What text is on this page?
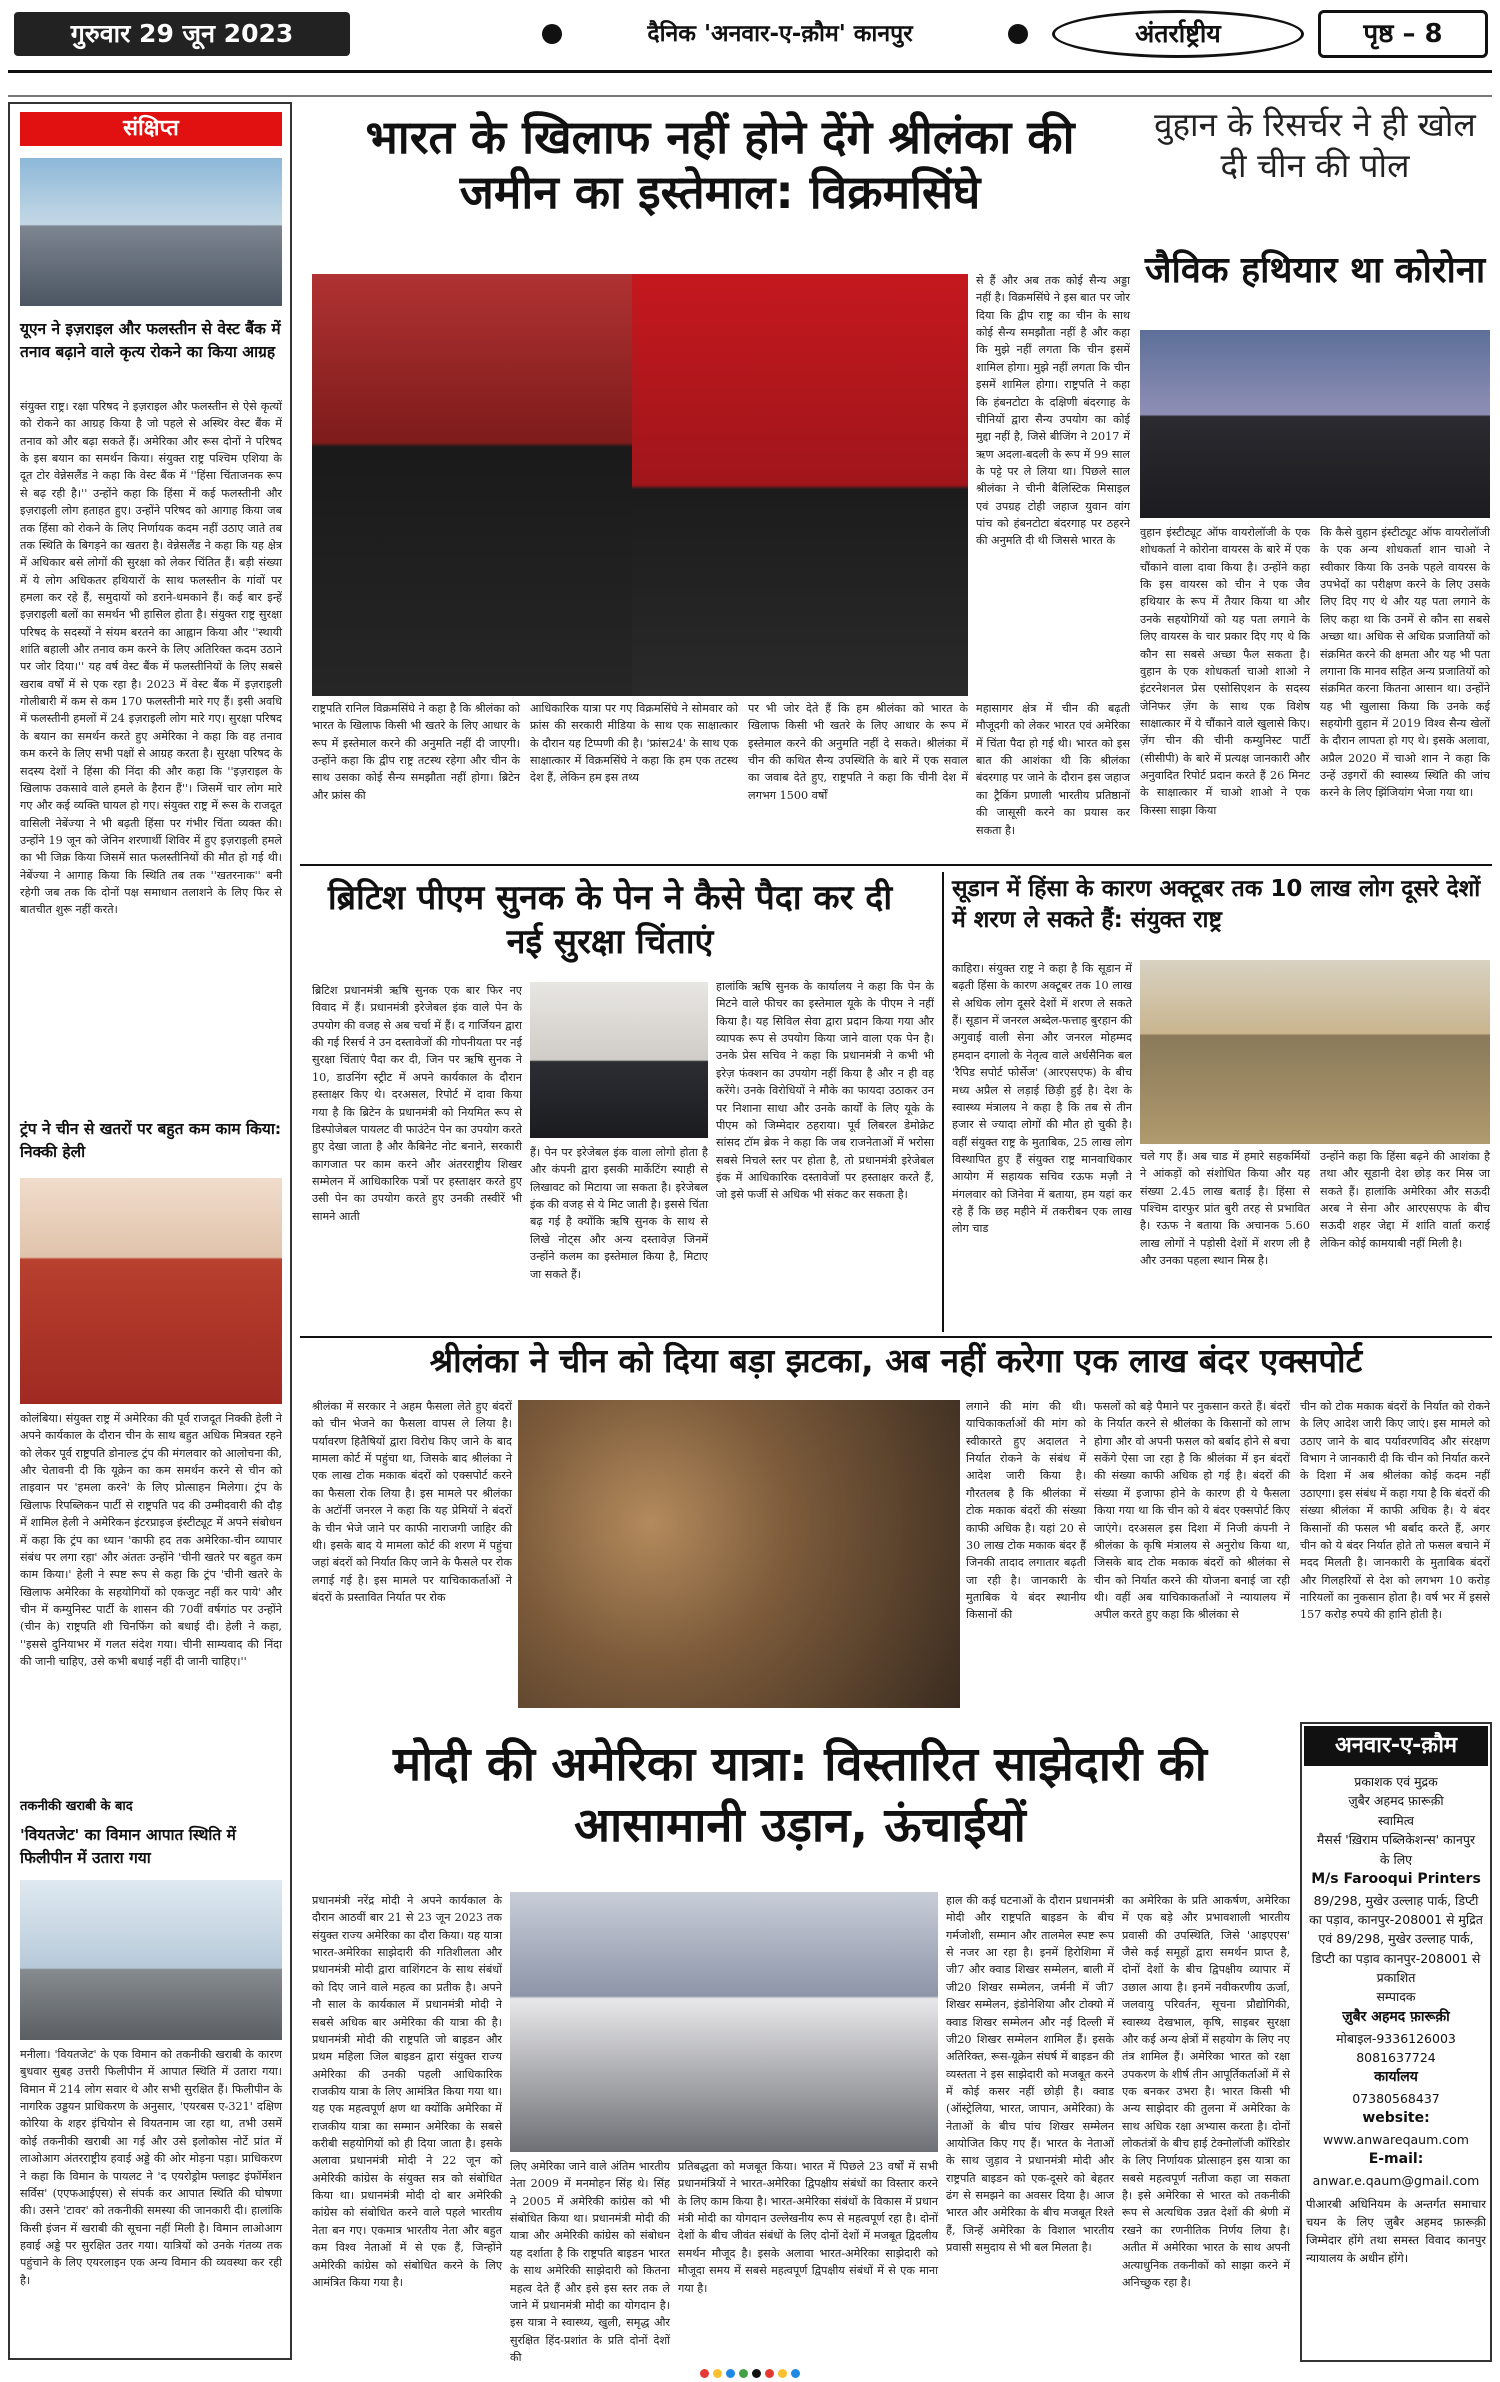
गुरुवार 29 जून 2023	दैनिक 'अनवार-ए-क़ौम' कानपुर	अंतर्राष्ट्रीय	पृष्ठ – 8
संक्षिप्त
यूएन ने इज़राइल और फलस्तीन से वेस्ट बैंक में तनाव बढ़ाने वाले कृत्य रोकने का किया आग्रह
संयुक्त राष्ट्र। रक्षा परिषद ने इज़राइल और फलस्तीन से ऐसे कृत्यों को रोकने का आग्रह किया है जो पहले से अस्थिर वेस्ट बैंक में तनाव को और बढ़ा सकते हैं। अमेरिका और रूस दोनों ने परिषद के इस बयान का समर्थन किया। संयुक्त राष्ट्र पश्चिम एशिया के दूत टोर वेन्नेसलैंड ने कहा कि वेस्ट बैंक में ''हिंसा चिंताजनक रूप से बढ़ रही है।'' उन्होंने कहा कि हिंसा में कई फलस्तीनी और इज़राइली लोग हताहत हुए। उन्होंने परिषद को आगाह किया जब तक हिंसा को रोकने के लिए निर्णायक कदम नहीं उठाए जाते तब तक स्थिति के बिगड़ने का खतरा है। वेन्नेसलैंड ने कहा कि यह क्षेत्र में अधिकार बसे लोगों की सुरक्षा को लेकर चिंतित हैं। बड़ी संख्या में ये लोग अधिकतर हथियारों के साथ फलस्तीन के गांवों पर हमला कर रहे हैं, समुदायों को डराने-धमकाने हैं। कई बार इन्हें इज़राइली बलों का समर्थन भी हासिल होता है। संयुक्त राष्ट्र सुरक्षा परिषद के सदस्यों ने संयम बरतने का आह्वान किया और ''स्थायी शांति बहाली और तनाव कम करने के लिए अतिरिक्त कदम उठाने पर जोर दिया।'' यह वर्ष वेस्ट बैंक में फलस्तीनियों के लिए सबसे खराब वर्षों में से एक रहा है। 2023 में वेस्ट बैंक में इज़राइली गोलीबारी में कम से कम 170 फलस्तीनी मारे गए हैं। इसी अवधि में फलस्तीनी हमलों में 24 इज़राइली लोग मारे गए। सुरक्षा परिषद के बयान का समर्थन करते हुए अमेरिका ने कहा कि वह तनाव कम करने के लिए सभी पक्षों से आग्रह करता है। सुरक्षा परिषद के सदस्य देशों ने हिंसा की निंदा की और कहा कि ''इज़राइल के खिलाफ उकसावे वाले हमले के हैरान हैं''। जिसमें चार लोग मारे गए और कई व्यक्ति घायल हो गए। संयुक्त राष्ट्र में रूस के राजदूत वासिली नेबेंज्या ने भी बढ़ती हिंसा पर गंभीर चिंता व्यक्त की। उन्होंने 19 जून को जेनिन शरणार्थी शिविर में हुए इज़राइली हमले का भी जिक्र किया जिसमें सात फलस्तीनियों की मौत हो गई थी। नेबेंज्या ने आगाह किया कि स्थिति तब तक ''खतरनाक'' बनी रहेगी जब तक कि दोनों पक्ष समाधान तलाशने के लिए फिर से बातचीत शुरू नहीं करते।
ट्रंप ने चीन से खतरों पर बहुत कम काम किया: निक्की हेली
कोलंबिया। संयुक्त राष्ट्र में अमेरिका की पूर्व राजदूत निक्की हेली ने अपने कार्यकाल के दौरान चीन के साथ बहुत अधिक मित्रवत रहने को लेकर पूर्व राष्ट्रपति डोनाल्ड ट्रंप की मंगलवार को आलोचना की, और चेतावनी दी कि यूक्रेन का कम समर्थन करने से चीन को ताइवान पर 'हमला करने' के लिए प्रोत्साहन मिलेगा। ट्रंप के खिलाफ रिपब्लिकन पार्टी से राष्ट्रपति पद की उम्मीदवारी की दौड़ में शामिल हेली ने अमेरिकन इंटरप्राइज इंस्टीट्यूट में अपने संबोधन में कहा कि ट्रंप का ध्यान 'काफी हद तक अमेरिका-चीन व्यापार संबंध पर लगा रहा' और अंततः उन्होंने 'चीनी खतरे पर बहुत कम काम किया।' हेली ने स्पष्ट रूप से कहा कि ट्रंप 'चीनी खतरे के खिलाफ अमेरिका के सहयोगियों को एकजुट नहीं कर पाये' और चीन में कम्युनिस्ट पार्टी के शासन की 70वीं वर्षगांठ पर उन्होंने (चीन के) राष्ट्रपति शी चिनफिंग को बधाई दी। हेली ने कहा, ''इससे दुनियाभर में गलत संदेश गया। चीनी साम्यवाद की निंदा की जानी चाहिए, उसे कभी बधाई नहीं दी जानी चाहिए।''
तकनीकी खराबी के बाद
'वियतजेट' का विमान आपात स्थिति में फिलीपीन में उतारा गया
मनीला। 'वियतजेट' के एक विमान को तकनीकी खराबी के कारण बुधवार सुबह उत्तरी फिलीपीन में आपात स्थिति में उतारा गया। विमान में 214 लोग सवार थे और सभी सुरक्षित हैं। फिलीपीन के नागरिक उड्डयन प्राधिकरण के अनुसार, 'एयरबस ए-321' दक्षिण कोरिया के शहर इंचियोन से वियतनाम जा रहा था, तभी उसमें कोई तकनीकी खराबी आ गई और उसे इलोकोस नोर्टे प्रांत में लाओआग अंतरराष्ट्रीय हवाई अड्डे की ओर मोड़ना पड़ा। प्राधिकरण ने कहा कि विमान के पायलट ने 'द एयरोड्रोम फ्लाइट इंफॉर्मेशन सर्विस' (एएफआईएस) से संपर्क कर आपात स्थिति की घोषणा की। उसने 'टावर' को तकनीकी समस्या की जानकारी दी। हालांकि किसी इंजन में खराबी की सूचना नहीं मिली है। विमान लाओआग हवाई अड्डे पर सुरक्षित उतर गया। यात्रियों को उनके गंतव्य तक पहुंचाने के लिए एयरलाइन एक अन्य विमान की व्यवस्था कर रही है।
भारत के खिलाफ नहीं होने देंगे श्रीलंका की जमीन का इस्तेमाल: विक्रमसिंघे
राष्ट्रपति रानिल विक्रमसिंघे ने कहा है कि श्रीलंका को भारत के खिलाफ किसी भी खतरे के लिए आधार के रूप में इस्तेमाल करने की अनुमति नहीं दी जाएगी। उन्होंने कहा कि द्वीप राष्ट्र तटस्थ रहेगा और चीन के साथ उसका कोई सैन्य समझौता नहीं होगा। ब्रिटेन और फ्रांस की
आधिकारिक यात्रा पर गए विक्रमसिंघे ने सोमवार को फ्रांस की सरकारी मीडिया के साथ एक साक्षात्कार के दौरान यह टिप्पणी की है। 'फ्रांस24' के साथ एक साक्षात्कार में विक्रमसिंघे ने कहा कि हम एक तटस्थ देश हैं, लेकिन हम इस तथ्य
पर भी जोर देते हैं कि हम श्रीलंका को भारत के खिलाफ किसी भी खतरे के लिए आधार के रूप में इस्तेमाल करने की अनुमति नहीं दे सकते। श्रीलंका में चीन की कथित सैन्य उपस्थिति के बारे में एक सवाल का जवाब देते हुए, राष्ट्रपति ने कहा कि चीनी देश में लगभग 1500 वर्षों
से हैं और अब तक कोई सैन्य अड्डा नहीं है। विक्रमसिंघे ने इस बात पर जोर दिया कि द्वीप राष्ट्र का चीन के साथ कोई सैन्य समझौता नहीं है और कहा कि मुझे नहीं लगता कि चीन इसमें शामिल होगा। मुझे नहीं लगता कि चीन इसमें शामिल होगा। राष्ट्रपति ने कहा कि हंबनटोटा के दक्षिणी बंदरगाह के चीनियों द्वारा सैन्य उपयोग का कोई मुद्दा नहीं है, जिसे बीजिंग ने 2017 में ऋण अदला-बदली के रूप में 99 साल के पट्टे पर ले लिया था। पिछले साल श्रीलंका ने चीनी बैलिस्टिक मिसाइल एवं उपग्रह टोही जहाज युवान वांग पांच को हंबनटोटा बंदरगाह पर ठहरने की अनुमति दी थी जिससे भारत के
महासागर क्षेत्र में चीन की बढ़ती मौजूदगी को लेकर भारत एवं अमेरिका में चिंता पैदा हो गई थी। भारत को इस बात की आशंका थी कि श्रीलंका बंदरगाह पर जाने के दौरान इस जहाज का ट्रैकिंग प्रणाली भारतीय प्रतिष्ठानों की जासूसी करने का प्रयास कर सकता है।
वुहान के रिसर्चर ने ही खोल दी चीन की पोल
जैविक हथियार था कोरोना
वुहान इंस्टीट्यूट ऑफ वायरोलॉजी के एक शोधकर्ता ने कोरोना वायरस के बारे में एक चौंकाने वाला दावा किया है। उन्होंने कहा कि इस वायरस को चीन ने एक जैव हथियार के रूप में तैयार किया था और उनके सहयोगियों को यह पता लगाने के लिए वायरस के चार प्रकार दिए गए थे कि कौन सा सबसे अच्छा फैल सकता है। वुहान के एक शोधकर्ता चाओ शाओ ने इंटरनेशनल प्रेस एसोसिएशन के सदस्य जेनिफर ज़ेंग के साथ एक विशेष साक्षात्कार में ये चौंकाने वाले खुलासे किए। ज़ेंग चीन की चीनी कम्युनिस्ट पार्टी (सीसीपी) के बारे में प्रत्यक्ष जानकारी और अनुवादित रिपोर्ट प्रदान करते हैं 26 मिनट के साक्षात्कार में चाओ शाओ ने एक किस्सा साझा किया
कि कैसे वुहान इंस्टीट्यूट ऑफ वायरोलॉजी के एक अन्य शोधकर्ता शान चाओ ने स्वीकार किया कि उनके पहले वायरस के उपभेदों का परीक्षण करने के लिए उसके लिए दिए गए थे और यह पता लगाने के लिए कहा था कि उनमें से कौन सा सबसे अच्छा था। अधिक से अधिक प्रजातियों को संक्रमित करने की क्षमता और यह भी पता लगाना कि मानव सहित अन्य प्रजातियों को संक्रमित करना कितना आसान था। उन्होंने यह भी खुलासा किया कि उनके कई सहयोगी वुहान में 2019 विश्व सैन्य खेलों के दौरान लापता हो गए थे। इसके अलावा, अप्रैल 2020 में चाओ शान ने कहा कि उन्हें उइगरों की स्वास्थ्य स्थिति की जांच करने के लिए झिंजियांग भेजा गया था।
ब्रिटिश पीएम सुनक के पेन ने कैसे पैदा कर दी नई सुरक्षा चिंताएं
ब्रिटिश प्रधानमंत्री ऋषि सुनक एक बार फिर नए विवाद में हैं। प्रधानमंत्री इरेजेबल इंक वाले पेन के उपयोग की वजह से अब चर्चा में हैं। द गार्जियन द्वारा की गई रिसर्च ने उन दस्तावेजों की गोपनीयता पर नई सुरक्षा चिंताएं पैदा कर दी, जिन पर ऋषि सुनक ने 10, डाउनिंग स्ट्रीट में अपने कार्यकाल के दौरान हस्ताक्षर किए थे। दरअसल, रिपोर्ट में दावा किया गया है कि ब्रिटेन के प्रधानमंत्री को नियमित रूप से डिस्पोजेबल पायलट वी फाउंटेन पेन का उपयोग करते हुए देखा जाता है और कैबिनेट नोट बनाने, सरकारी कागजात पर काम करने और अंतरराष्ट्रीय शिखर सम्मेलन में आधिकारिक पत्रों पर हस्ताक्षर करते हुए उसी पेन का उपयोग करते हुए उनकी तस्वीरें भी सामने आती
हैं। पेन पर इरेजेबल इंक वाला लोगो होता है और कंपनी द्वारा इसकी मार्केटिंग स्याही से लिखावट को मिटाया जा सकता है। इरेजेबल इंक की वजह से ये मिट जाती है। इससे चिंता बढ़ गई है क्योंकि ऋषि सुनक के साथ से लिखे नोट्स और अन्य दस्तावेज़ जिनमें उन्होंने कलम का इस्तेमाल किया है, मिटाए जा सकते हैं।
हालांकि ऋषि सुनक के कार्यालय ने कहा कि पेन के मिटने वाले फीचर का इस्तेमाल यूके के पीएम ने नहीं किया है। यह सिविल सेवा द्वारा प्रदान किया गया और व्यापक रूप से उपयोग किया जाने वाला एक पेन है। उनके प्रेस सचिव ने कहा कि प्रधानमंत्री ने कभी भी इरेज़ फंक्शन का उपयोग नहीं किया है और न ही वह करेंगे। उनके विरोधियों ने मौके का फायदा उठाकर उन पर निशाना साधा और उनके कार्यों के लिए यूके के पीएम को जिम्मेदार ठहराया। पूर्व लिबरल डेमोक्रेट सांसद टॉम ब्रेक ने कहा कि जब राजनेताओं में भरोसा सबसे निचले स्तर पर होता है, तो प्रधानमंत्री इरेजेबल इंक में आधिकारिक दस्तावेजों पर हस्ताक्षर करते हैं, जो इसे फर्जी से अधिक भी संकट कर सकता है।
सूडान में हिंसा के कारण अक्टूबर तक 10 लाख लोग दूसरे देशों में शरण ले सकते हैं: संयुक्त राष्ट्र
काहिरा। संयुक्त राष्ट्र ने कहा है कि सूडान में बढ़ती हिंसा के कारण अक्टूबर तक 10 लाख से अधिक लोग दूसरे देशों में शरण ले सकते हैं। सूडान में जनरल अब्देल-फत्ताह बुरहान की अगुवाई वाली सेना और जनरल मोहम्मद हमदान दगालो के नेतृत्व वाले अर्धसैनिक बल 'रैपिड सपोर्ट फोर्सेज' (आरएसएफ) के बीच मध्य अप्रैल से लड़ाई छिड़ी हुई है। देश के स्वास्थ्य मंत्रालय ने कहा है कि तब से तीन हजार से ज्यादा लोगों की मौत हो चुकी है। वहीं संयुक्त राष्ट्र के मुताबिक, 25 लाख लोग विस्थापित हुए हैं संयुक्त राष्ट्र मानवाधिकार आयोग में सहायक सचिव रऊफ मज़ौ ने मंगलवार को जिनेवा में बताया, हम यहां कर रहे हैं कि छह महीने में तकरीबन एक लाख लोग चाड
चले गए हैं। अब चाड में हमारे सहकर्मियों ने आंकड़ों को संशोधित किया और यह संख्या 2.45 लाख बताई है। हिंसा से पश्चिम दारफुर प्रांत बुरी तरह से प्रभावित है। रऊफ ने बताया कि अचानक 5.60 लाख लोगों ने पड़ोसी देशों में शरण ली है और उनका पहला स्थान मिस्र है।
उन्होंने कहा कि हिंसा बढ़ने की आशंका है तथा और सूडानी देश छोड़ कर मिस्र जा सकते हैं। हालांकि अमेरिका और सऊदी अरब ने सेना और आरएसएफ के बीच सऊदी शहर जेद्दा में शांति वार्ता कराई लेकिन कोई कामयाबी नहीं मिली है।
श्रीलंका ने चीन को दिया बड़ा झटका, अब नहीं करेगा एक लाख बंदर एक्सपोर्ट
श्रीलंका में सरकार ने अहम फैसला लेते हुए बंदरों को चीन भेजने का फैसला वापस ले लिया है। पर्यावरण हितैषियों द्वारा विरोध किए जाने के बाद मामला कोर्ट में पहुंचा था, जिसके बाद श्रीलंका ने एक लाख टोक मकाक बंदरों को एक्सपोर्ट करने का फैसला रोक लिया है। इस मामले पर श्रीलंका के अटॉर्नी जनरल ने कहा कि यह प्रेमियों ने बंदरों के चीन भेजे जाने पर काफी नाराजगी जाहिर की थी। इसके बाद ये मामला कोर्ट की शरण में पहुंचा जहां बंदरों को निर्यात किए जाने के फैसले पर रोक लगाई गई है। इस मामले पर याचिकाकर्ताओं ने बंदरों के प्रस्तावित निर्यात पर रोक
लगाने की मांग की थी। याचिकाकर्ताओं की मांग को स्वीकारते हुए अदालत ने निर्यात रोकने के संबंध में आदेश जारी किया है। गौरतलब है कि श्रीलंका में टोक मकाक बंदरों की संख्या काफी अधिक है। यहां 20 से 30 लाख टोक मकाक बंदर हैं जिनकी तादाद लगातार बढ़ती जा रही है। जानकारी के मुताबिक ये बंदर स्थानीय किसानों की
फसलों को बड़े पैमाने पर नुकसान करते हैं। बंदरों के निर्यात करने से श्रीलंका के किसानों को लाभ होगा और वो अपनी फसल को बर्बाद होने से बचा सकेंगे ऐसा जा रहा है कि श्रीलंका में इन बंदरों की संख्या काफी अधिक हो गई है। बंदरों की संख्या में इजाफा होने के कारण ही ये फैसला किया गया था कि चीन को ये बंदर एक्सपोर्ट किए जाएंगे। दरअसल इस दिशा में निजी कंपनी ने श्रीलंका के कृषि मंत्रालय से अनुरोध किया था, जिसके बाद टोक मकाक बंदरों को श्रीलंका से चीन को निर्यात करने की योजना बनाई जा रही थी। वहीं अब याचिकाकर्ताओं ने न्यायालय में अपील करते हुए कहा कि श्रीलंका से
चीन को टोक मकाक बंदरों के निर्यात को रोकने के लिए आदेश जारी किए जाएं। इस मामले को उठाए जाने के बाद पर्यावरणविद और संरक्षण विभाग ने जानकारी दी कि चीन को निर्यात करने के दिशा में अब श्रीलंका कोई कदम नहीं उठाएगा। इस संबंध में कहा गया है कि बंदरों की संख्या श्रीलंका में काफी अधिक है। ये बंदर किसानों की फसल भी बर्बाद करते हैं, अगर चीन को ये बंदर निर्यात होते तो फसल बचाने में मदद मिलती है। जानकारी के मुताबिक बंदरों और गिलहरियों से देश को लगभग 10 करोड़ नारियलों का नुकसान होता है। वर्ष भर में इससे 157 करोड़ रुपये की हानि होती है।
मोदी की अमेरिका यात्रा: विस्तारित साझेदारी की आसामानी उड़ान, ऊंचाईयों
प्रधानमंत्री नरेंद्र मोदी ने अपने कार्यकाल के दौरान आठवीं बार 21 से 23 जून 2023 तक संयुक्त राज्य अमेरिका का दौरा किया। यह यात्रा भारत-अमेरिका साझेदारी की गतिशीलता और प्रधानमंत्री मोदी द्वारा वाशिंगटन के साथ संबंधों को दिए जाने वाले महत्व का प्रतीक है। अपने नौ साल के कार्यकाल में प्रधानमंत्री मोदी ने सबसे अधिक बार अमेरिका की यात्रा की है। प्रधानमंत्री मोदी की राष्ट्रपति जो बाइडन और प्रथम महिला जिल बाइडन द्वारा संयुक्त राज्य अमेरिका की उनकी पहली आधिकारिक राजकीय यात्रा के लिए आमंत्रित किया गया था। यह एक महत्वपूर्ण क्षण था क्योंकि अमेरिका में राजकीय यात्रा का सम्मान अमेरिका के सबसे करीबी सहयोगियों को ही दिया जाता है। इसके अलावा प्रधानमंत्री मोदी ने 22 जून को अमेरिकी कांग्रेस के संयुक्त सत्र को संबोधित किया था। प्रधानमंत्री मोदी दो बार अमेरिकी कांग्रेस को संबोधित करने वाले पहले भारतीय नेता बन गए। एकमात्र भारतीय नेता और बहुत कम विश्व नेताओं में से एक हैं, जिन्होंने अमेरिकी कांग्रेस को संबोधित करने के लिए आमंत्रित किया गया है।
लिए अमेरिका जाने वाले अंतिम भारतीय नेता 2009 में मनमोहन सिंह थे। सिंह ने 2005 में अमेरिकी कांग्रेस को भी संबोधित किया था। प्रधानमंत्री मोदी की यात्रा और अमेरिकी कांग्रेस को संबोधन यह दर्शाता है कि राष्ट्रपति बाइडन भारत के साथ अमेरिकी साझेदारी को कितना महत्व देते हैं और इसे इस स्तर तक ले जाने में प्रधानमंत्री मोदी का योगदान है। इस यात्रा ने स्वास्थ्य, खुली, समृद्ध और सुरक्षित हिंद-प्रशांत के प्रति दोनों देशों की
प्रतिबद्धता को मजबूत किया। भारत में पिछले 23 वर्षों में सभी प्रधानमंत्रियों ने भारत-अमेरिका द्विपक्षीय संबंधों का विस्तार करने के लिए काम किया है। भारत-अमेरिका संबंधों के विकास में प्रधान मंत्री मोदी का योगदान उल्लेखनीय रूप से महत्वपूर्ण रहा है। दोनों देशों के बीच जीवंत संबंधों के लिए दोनों देशों में मजबूत द्विदलीय समर्थन मौजूद है। इसके अलावा भारत-अमेरिका साझेदारी को मौजूदा समय में सबसे महत्वपूर्ण द्विपक्षीय संबंधों में से एक माना गया है।
हाल की कई घटनाओं के दौरान प्रधानमंत्री मोदी और राष्ट्रपति बाइडन के बीच गर्मजोशी, सम्मान और तालमेल स्पष्ट रूप से नजर आ रहा है। इनमें हिरोशिमा में जी7 और क्वाड शिखर सम्मेलन, बाली में जी20 शिखर सम्मेलन, जर्मनी में जी7 शिखर सम्मेलन, इंडोनेशिया और टोक्यो में क्वाड शिखर सम्मेलन और नई दिल्ली में जी20 शिखर सम्मेलन शामिल हैं। इसके अतिरिक्त, रूस-यूक्रेन संघर्ष में बाइडन की व्यस्तता ने इस साझेदारी को मजबूत करने में कोई कसर नहीं छोड़ी है। क्वाड (ऑस्ट्रेलिया, भारत, जापान, अमेरिका) के नेताओं के बीच पांच शिखर सम्मेलन आयोजित किए गए हैं। भारत के नेताओं के साथ जुड़ाव ने प्रधानमंत्री मोदी और राष्ट्रपति बाइडन को एक-दूसरे को बेहतर ढंग से समझने का अवसर दिया है। आज भारत और अमेरिका के बीच मजबूत रिश्ते हैं, जिन्हें अमेरिका के विशाल भारतीय प्रवासी समुदाय से भी बल मिलता है।
का अमेरिका के प्रति आकर्षण, अमेरिका में एक बड़े और प्रभावशाली भारतीय प्रवासी की उपस्थिति, जिसे 'आइएएस' जैसे कई समूहों द्वारा समर्थन प्राप्त है, दोनों देशों के बीच द्विपक्षीय व्यापार में उछाल आया है। इनमें नवीकरणीय ऊर्जा, जलवायु परिवर्तन, सूचना प्रौद्योगिकी, स्वास्थ्य देखभाल, कृषि, साइबर सुरक्षा और कई अन्य क्षेत्रों में सहयोग के लिए नए तंत्र शामिल हैं। अमेरिका भारत को रक्षा उपकरण के शीर्ष तीन आपूर्तिकर्ताओं में से एक बनकर उभरा है। भारत किसी भी अन्य साझेदार की तुलना में अमेरिका के साथ अधिक रक्षा अभ्यास करता है। दोनों लोकतंत्रों के बीच हाई टेक्नोलॉजी कॉरिडोर के लिए निर्णायक प्रोत्साहन इस यात्रा का सबसे महत्वपूर्ण नतीजा कहा जा सकता है। इसे अमेरिका से भारत को तकनीकी रूप से अत्यधिक उन्नत देशों की श्रेणी में रखने का रणनीतिक निर्णय लिया है। अतीत में अमेरिका भारत के साथ अपनी अत्याधुनिक तकनीकों को साझा करने में अनिच्छुक रहा है।
अनवार-ए-क़ौम
प्रकाशक एवं मुद्रक
ज़ुबैर अहमद फ़ारूक़ी
स्वामित्व
मैसर्स 'ख़िराम पब्लिकेशन्स' कानपुर
के लिए
M/s Farooqui Printers
89/298, मुखेर उल्लाह पार्क, डिप्टी का पड़ाव, कानपुर-208001 से मुद्रित एवं 89/298, मुखेर उल्लाह पार्क, डिप्टी का पड़ाव कानपुर-208001 से प्रकाशित
सम्पादक
ज़ुबैर अहमद फ़ारूक़ी
मोबाइल-9336126003
8081637724
कार्यालय
07380568437
website:
www.anwareqaum.com
E-mail:
anwar.e.qaum@gmail.com
पीआरबी अधिनियम के अन्तर्गत समाचार चयन के लिए ज़ुबैर अहमद फ़ारूक़ी जिम्मेदार होंगे तथा समस्त विवाद कानपुर न्यायालय के अधीन होंगे।
